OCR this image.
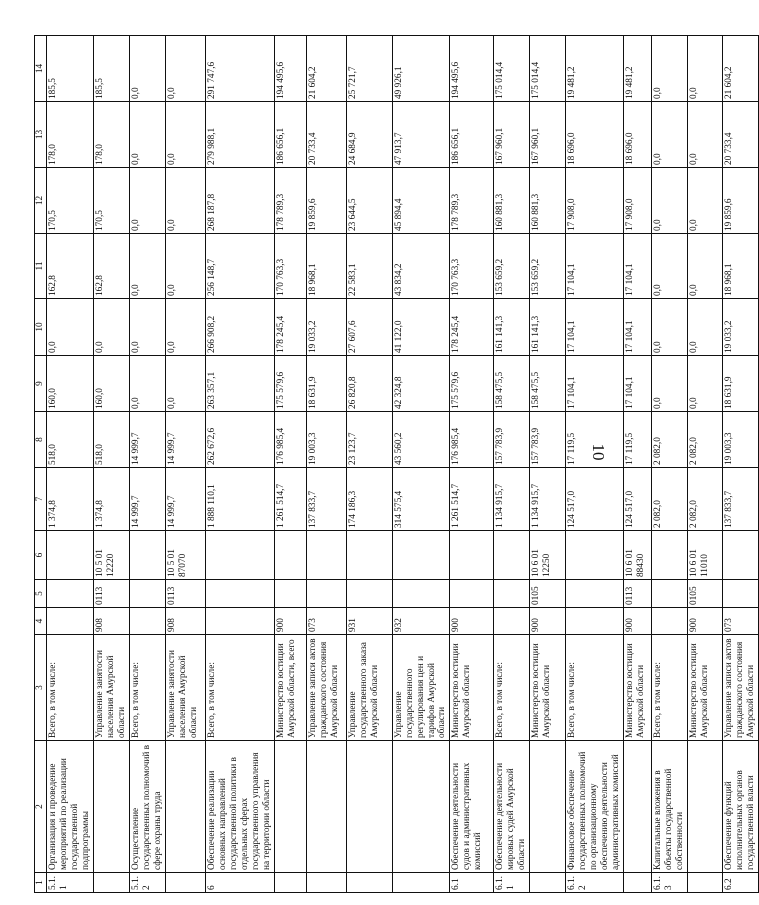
10
1	2	3	4	5	6	7	8	9	10	11	12	13	14
5.1.1	Организация и проведение мероприятий по реализации государственной подпрограммы	Всего, в том числе:				1 374,8	518,0	160,0	0,0	162,8	170,5	178,0	185,5
		Управление занятости населения Амурской области	908	0113	10 5 01 12220	1 374,8	518,0	160,0	0,0	162,8	170,5	178,0	185,5
5.1.2	Осуществление государственных полномочий в сфере охраны труда	Всего, в том числе:				14 999,7	14 999,7	0,0	0,0	0,0	0,0	0,0	0,0
		Управление занятости населения Амурской области	908	0113	10 5 01 87070	14 999,7	14 999,7	0,0	0,0	0,0	0,0	0,0	0,0
6	Обеспечение реализации основных направлений государственной политики в отдельных сферах государственного управления на территории области	Всего, в том числе:				1 888 110,1	262 672,6	263 357,1	266 908,2	256 148,7	268 187,8	279 988,1	291 747,6
		Министерство юстиции Амурской области, всего	900			1 261 514,7	176 985,4	175 579,6	178 245,4	170 763,3	178 789,3	186 656,1	194 495,6
		Управление записи актов гражданского состояния Амурской области	073			137 833,7	19 003,3	18 631,9	19 033,2	18 968,1	19 859,6	20 733,4	21 604,2
		Управление государственного заказа Амурской области	931			174 186,3	23 123,7	26 820,8	27 607,6	22 583,1	23 644,5	24 684,9	25 721,7
		Управление государственного регулирования цен и тарифов Амурской области	932			314 575,4	43 560,2	42 324,8	41 122,0	43 834,2	45 894,4	47 913,7	49 926,1
6.1	Обеспечение деятельности судов и административных комиссий	Министерство юстиции Амурской области	900			1 261 514,7	176 985,4	175 579,6	178 245,4	170 763,3	178 789,3	186 656,1	194 495,6
6.1.1	Обеспечение деятельности мировых судей Амурской области	Всего, в том числе:				1 134 915,7	157 783,9	158 475,5	161 141,3	153 659,2	160 881,3	167 960,1	175 014,4
		Министерство юстиции Амурской области	900	0105	10 6 01 12250	1 134 915,7	157 783,9	158 475,5	161 141,3	153 659,2	160 881,3	167 960,1	175 014,4
6.1.2	Финансовое обеспечение государственных полномочий по организационному обеспечению деятельности административных комиссий	Всего, в том числе:				124 517,0	17 119,5	17 104,1	17 104,1	17 104,1	17 908,0	18 696,0	19 481,2
		Министерство юстиции Амурской области	900	0113	10 6 01 88430	124 517,0	17 119,5	17 104,1	17 104,1	17 104,1	17 908,0	18 696,0	19 481,2
6.1.3	Капитальные вложения в объекты государственной собственности	Всего, в том числе:				2 082,0	2 082,0	0,0	0,0	0,0	0,0	0,0	0,0
		Министерство юстиции Амурской области	900	0105	10 6 01 11010	2 082,0	2 082,0	0,0	0,0	0,0	0,0	0,0	0,0
6.2	Обеспечение функций исполнительных органов государственной власти	Управление записи актов гражданского состояния Амурской области	073			137 833,7	19 003,3	18 631,9	19 033,2	18 968,1	19 859,6	20 733,4	21 604,2
